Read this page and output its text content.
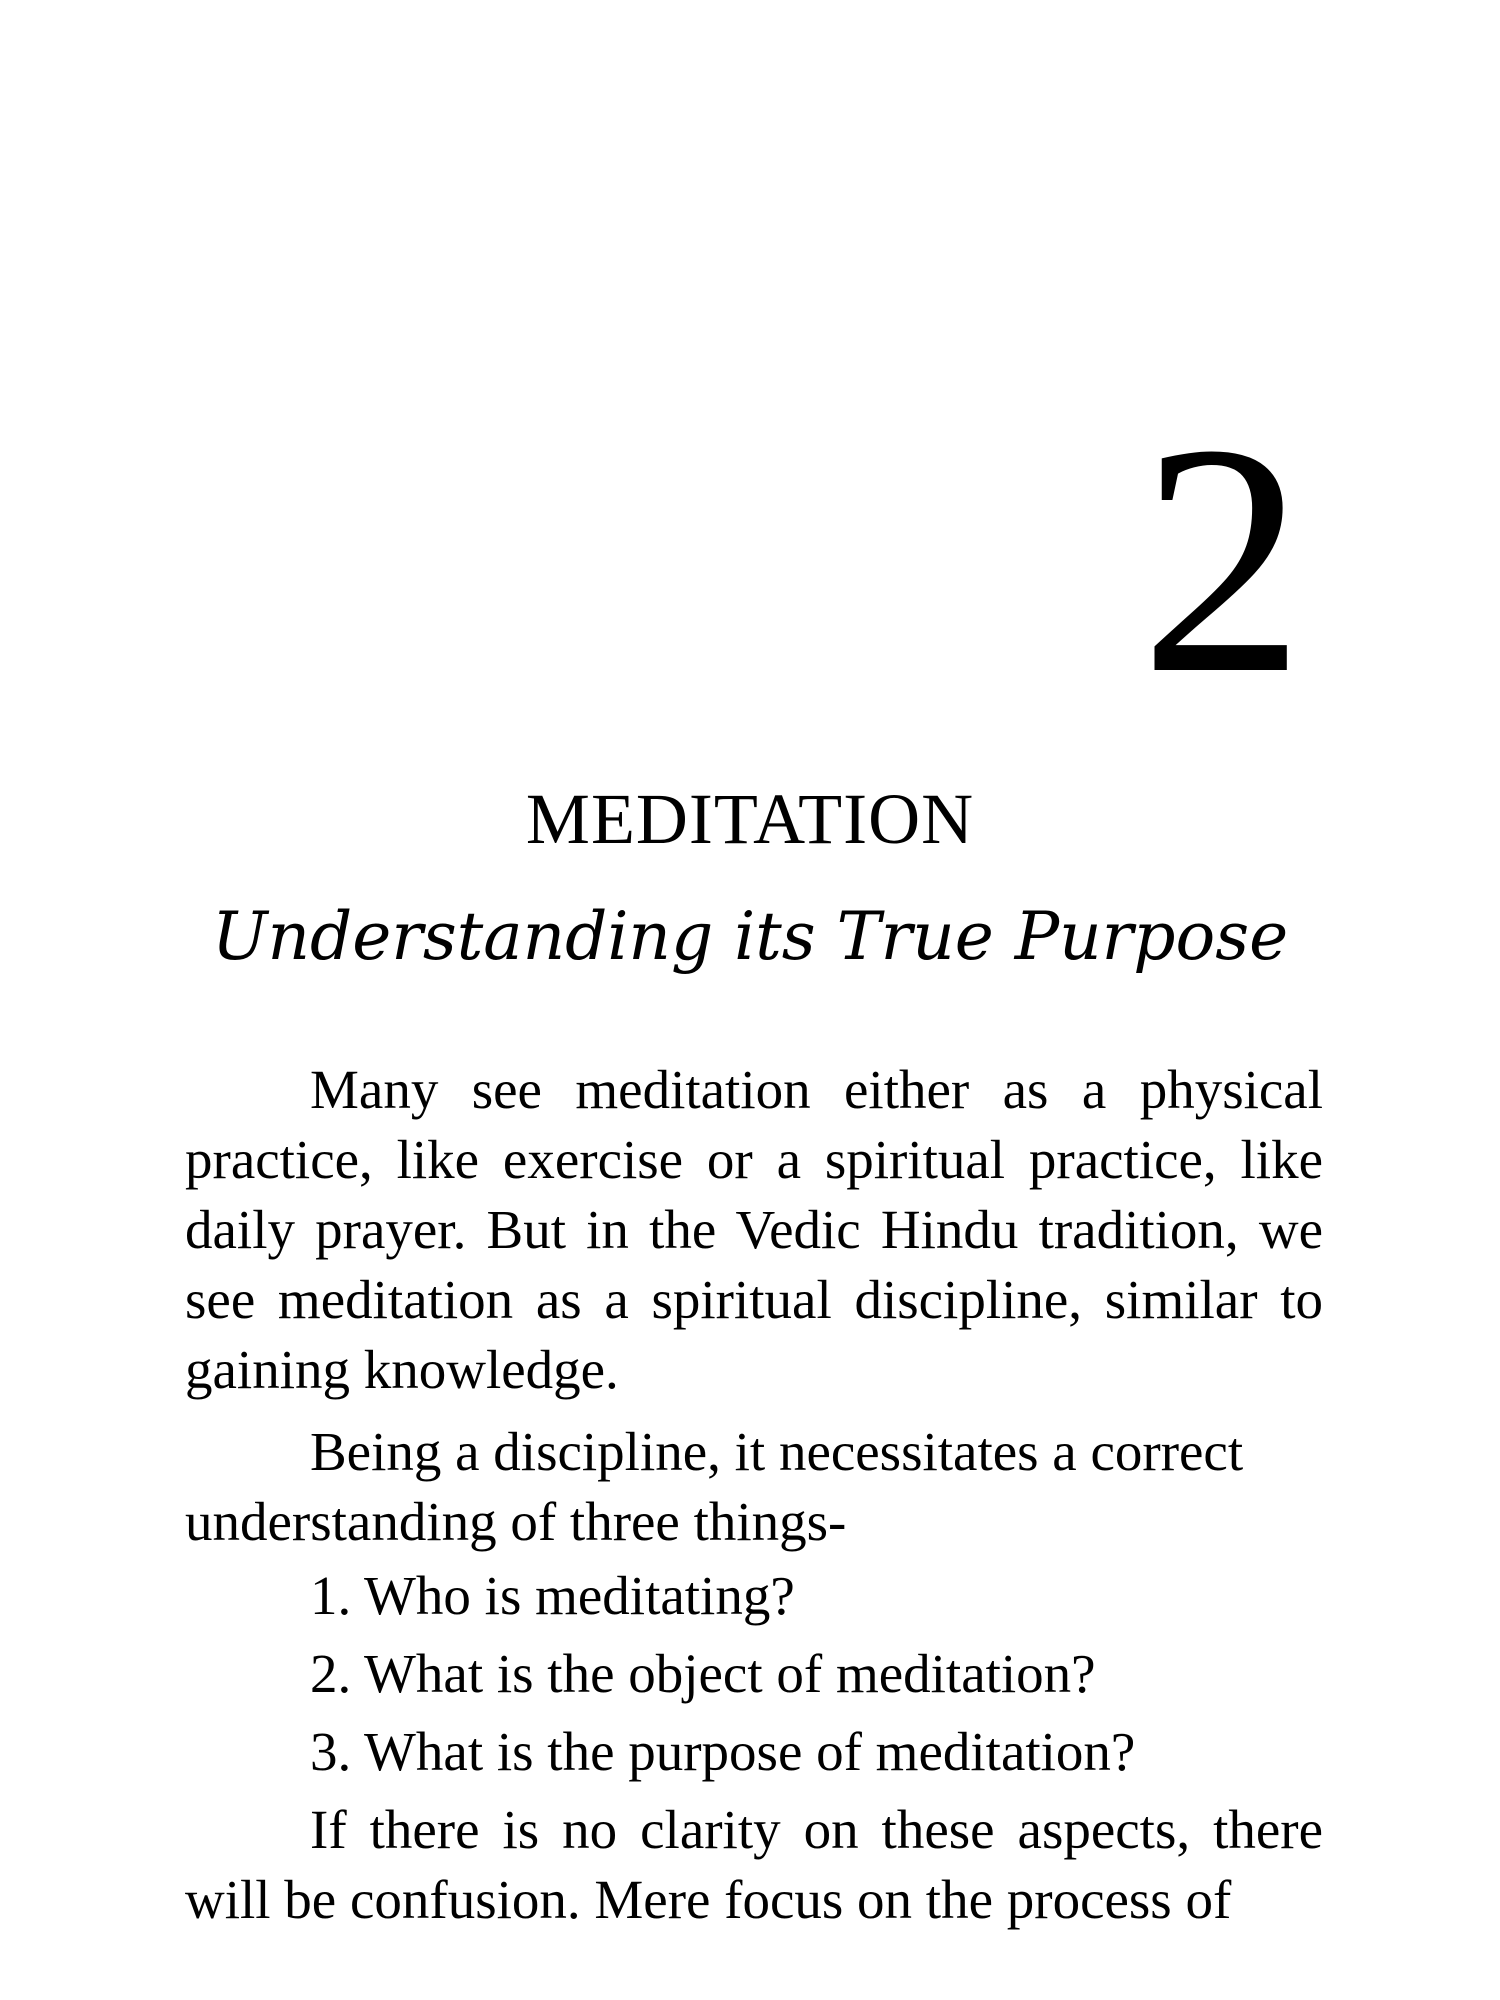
2
MEDITATION
Understanding its True Purpose

Many see meditation either as a physical practice, like exercise or a spiritual practice, like daily prayer. But in the Vedic Hindu tradition, we see meditation as a spiritual discipline, similar to gaining knowledge.

Being a discipline, it necessitates a correct understanding of three things-

1. Who is meditating?
2. What is the object of meditation?
3. What is the purpose of meditation?

If there is no clarity on these aspects, there will be confusion. Mere focus on the process of
